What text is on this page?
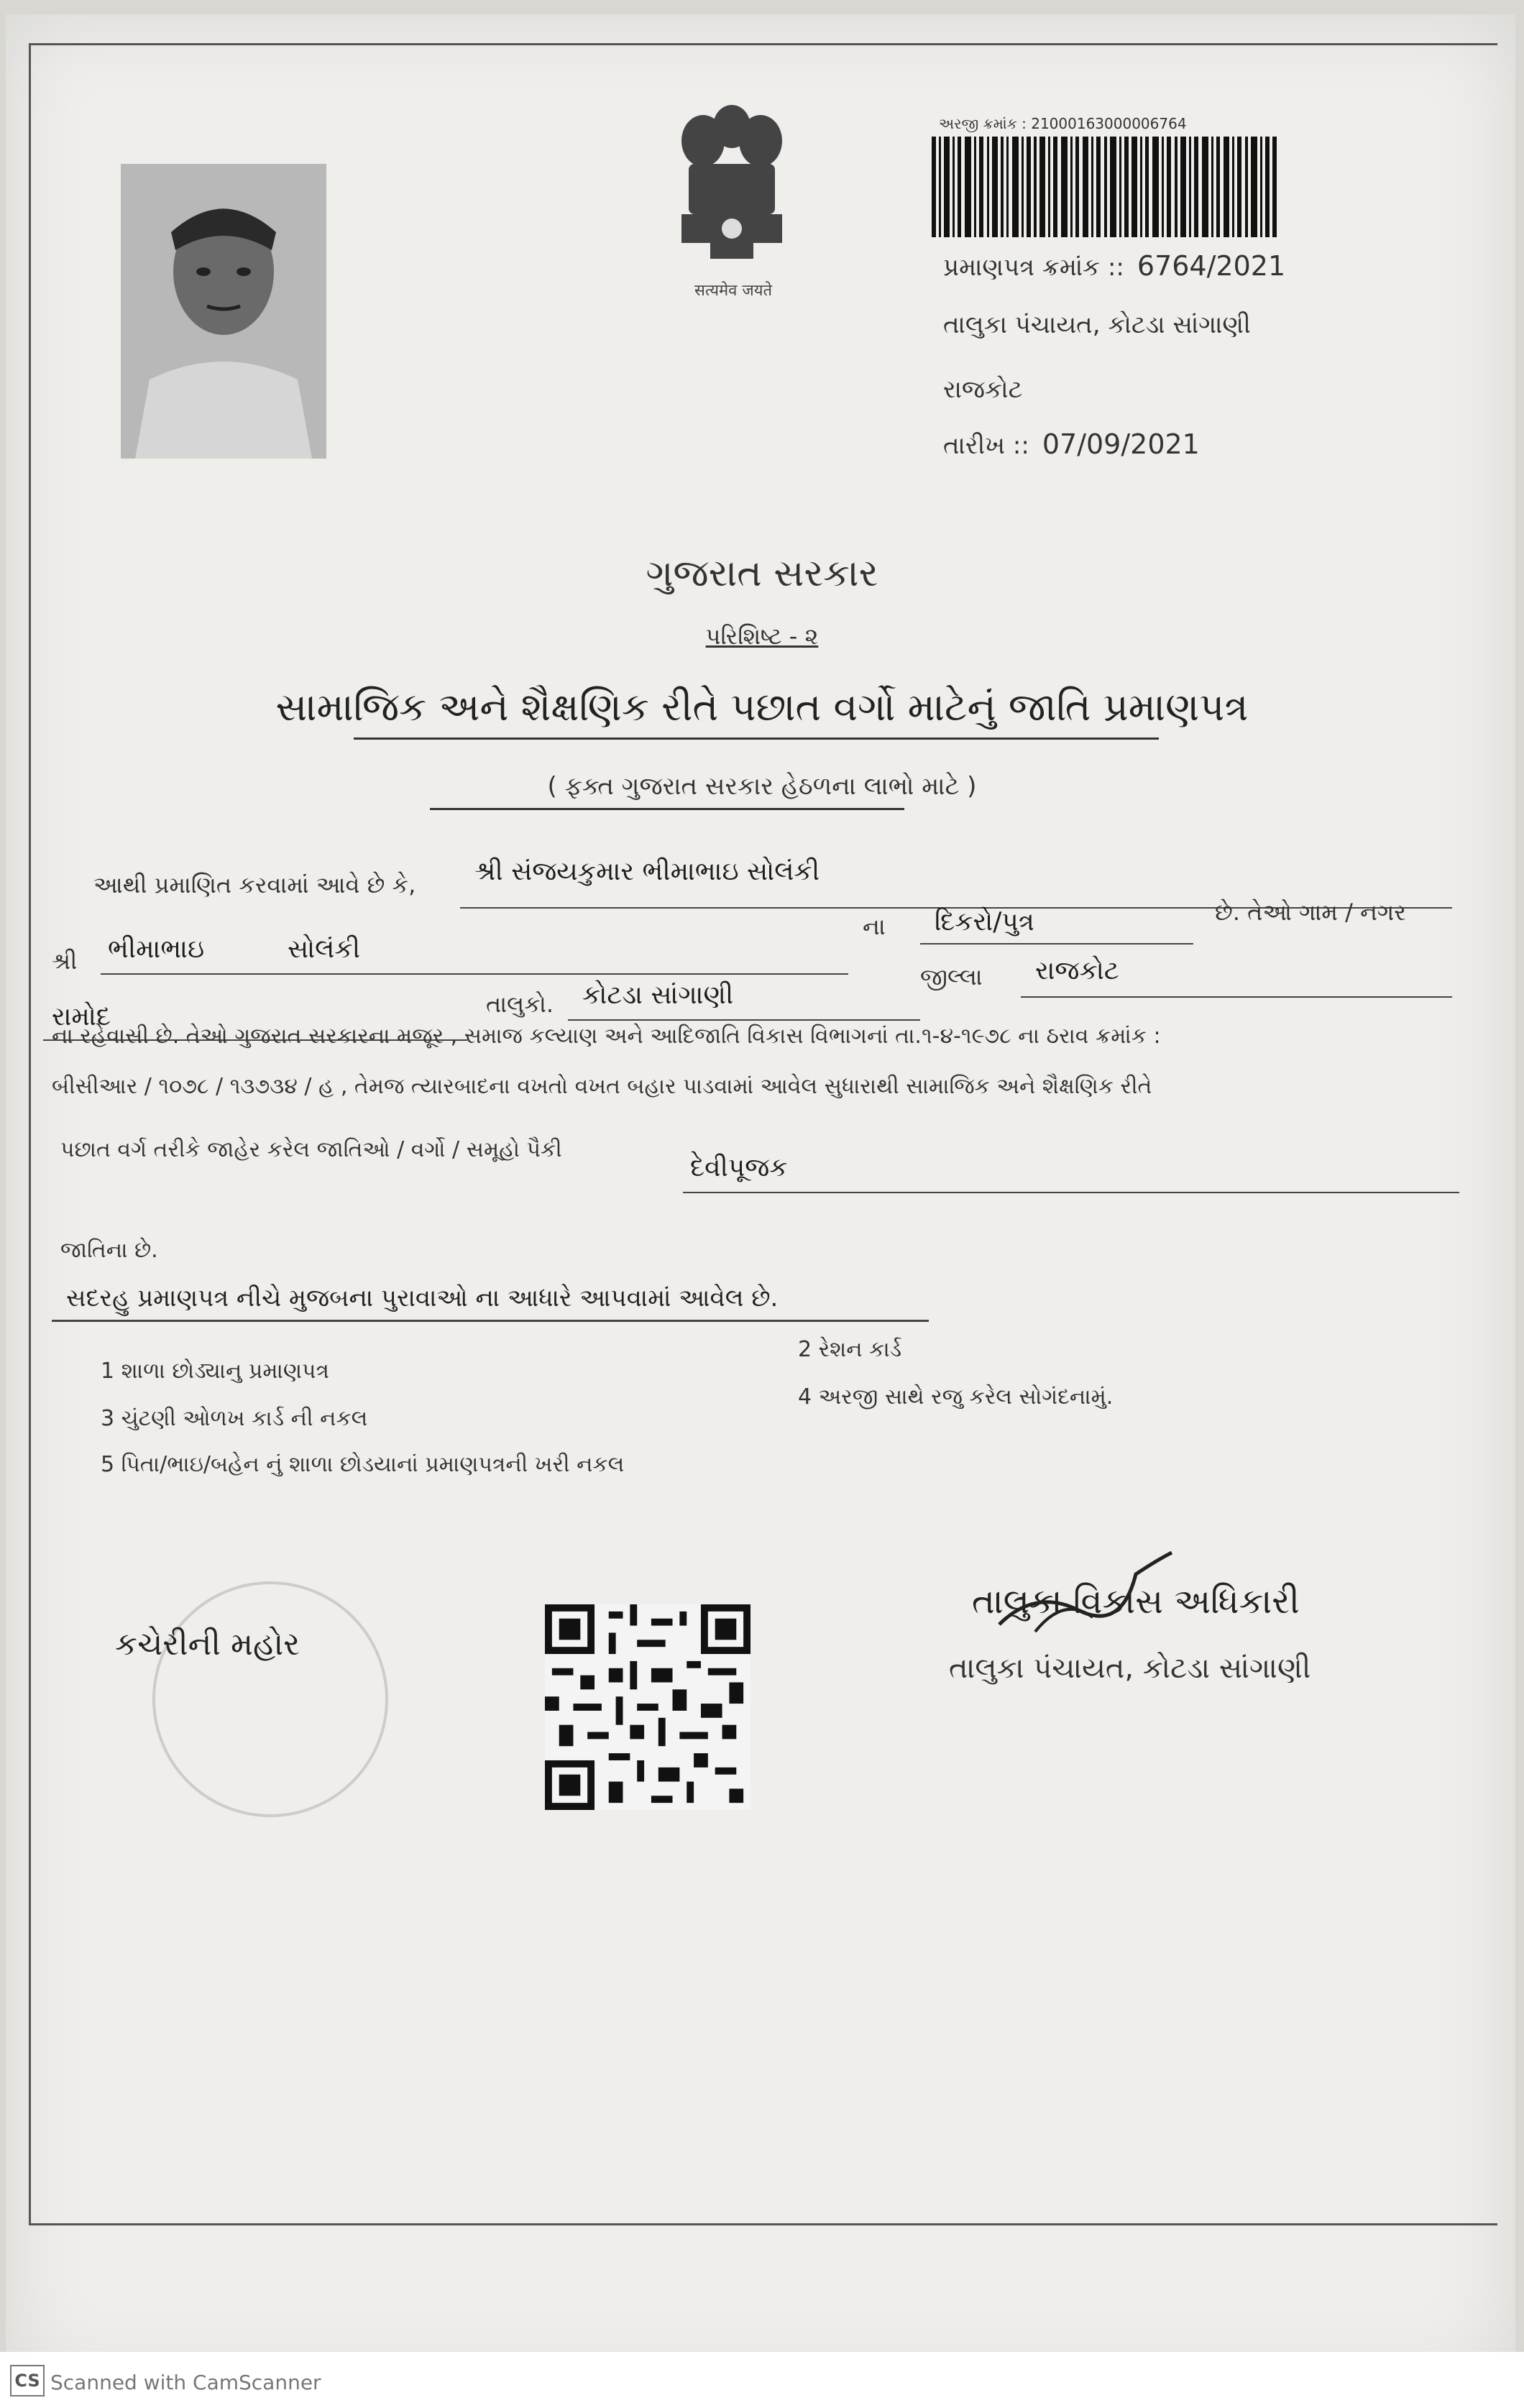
सत्यमेव जयते
અરજી ક્રમાંક : 21000163000006764
પ્રમાણપત્ર ક્રમાંક :: 6764/2021
તાલુકા પંચાયત, કોટડા સાંગાણી
રાજકોટ
તારીખ :: 07/09/2021
ગુજરાત સરકાર
પરિશિષ્ટ - ૨
સામાજિક અને શૈક્ષણિક રીતે પછાત વર્ગો માટેનું જાતિ પ્રમાણપત્ર
( ફક્ત ગુજરાત સરકાર હેઠળના લાભો માટે )
આથી પ્રમાણિત કરવામાં આવે છે કે, શ્રી સંજયકુમાર ભીમાભાઇ સોલંકી
શ્રી ભીમાભાઇ	સોલંકી
ના દિકરો/પુત્ર	છે. તેઓ ગામ / નગર
રામોદ	તાલુકો. કોટડા સાંગાણી
જીલ્લા રાજકોટ
ના રહેવાસી છે. તેઓ ગુજરાત સરકારના મજૂર , સમાજ કલ્યાણ અને આદિજાતિ વિકાસ વિભાગનાં તા.૧-૪-૧૯૭૮ ના ઠરાવ ક્રમાંક :
બીસીઆર / ૧૦૭૮ / ૧૩૭૩૪ / હ , તેમજ ત્યારબાદના વખતો વખત બહાર પાડવામાં આવેલ સુધારાથી સામાજિક અને શૈક્ષણિક રીતે
પછાત વર્ગ તરીકે જાહેર કરેલ જાતિઓ / વર્ગો / સમૂહો પૈકી
દેવીપૂજક
જાતિના છે.
સદરહુ પ્રમાણપત્ર નીચે મુજબના પુરાવાઓ ના આધારે આપવામાં આવેલ છે.
1 શાળા છોડ્યાનુ પ્રમાણપત્ર
2 રેશન કાર્ડ
3 ચુંટણી ઓળખ કાર્ડ ની નકલ
4 અરજી સાથે રજુ કરેલ સોગંદનામું.
5 પિતા/ભાઇ/બહેન નું શાળા છોડયાનાં પ્રમાણપત્રની ખરી નકલ
કચેરીની મહોર
તાલુકા વિકાસ અધિકારી
તાલુકા પંચાયત, કોટડા સાંગાણી
CS Scanned with CamScanner
